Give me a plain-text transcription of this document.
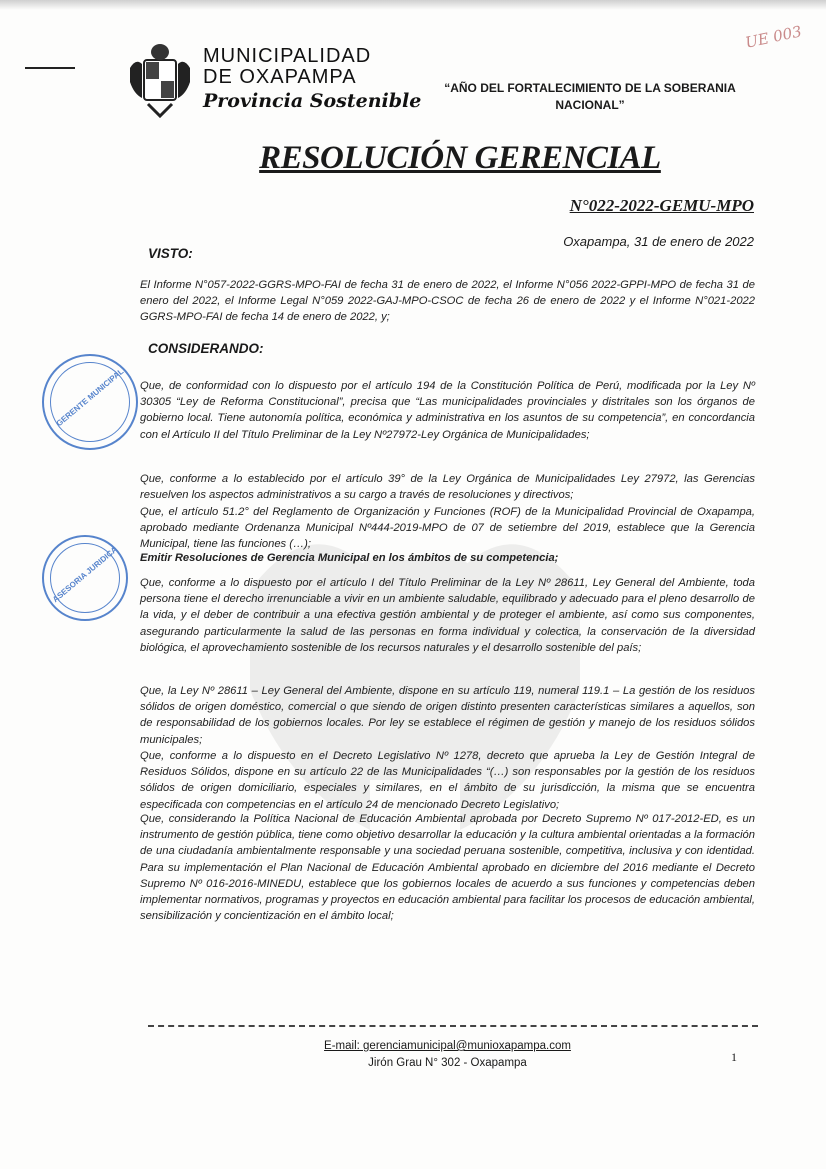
UE 003
MUNICIPALIDAD
DE OXAPAMPA
Provincia Sostenible
“AÑO DEL FORTALECIMIENTO DE LA SOBERANIA NACIONAL”
RESOLUCIÓN GERENCIAL
N°022-2022-GEMU-MPO
Oxapampa, 31 de enero de 2022
VISTO:
El Informe N°057-2022-GGRS-MPO-FAI de fecha 31 de enero de 2022, el Informe N°056 2022-GPPI-MPO de fecha 31 de enero del 2022, el Informe Legal N°059 2022-GAJ-MPO-CSOC de fecha 26 de enero de 2022 y el Informe N°021-2022 GGRS-MPO-FAI de fecha 14 de enero de 2022, y;
CONSIDERANDO:
Que, de conformidad con lo dispuesto por el artículo 194 de la Constitución Política de Perú, modificada por la Ley Nº 30305 “Ley de Reforma Constitucional”, precisa que “Las municipalidades provinciales y distritales son los órganos de gobierno local. Tiene autonomía política, económica y administrativa en los asuntos de su competencia”, en concordancia con el Artículo II del Título Preliminar de la Ley Nº27972-Ley Orgánica de Municipalidades;
Que, conforme a lo establecido por el artículo 39° de la Ley Orgánica de Municipalidades Ley 27972, las Gerencias resuelven los aspectos administrativos a su cargo a través de resoluciones y directivos;
Que, el artículo 51.2° del Reglamento de Organización y Funciones (ROF) de la Municipalidad Provincial de Oxapampa, aprobado mediante Ordenanza Municipal Nº444-2019-MPO de 07 de setiembre del 2019, establece que la Gerencia Municipal, tiene las funciones (…);
Emitir Resoluciones de Gerencia Municipal en los ámbitos de su competencia;
Que, conforme a lo dispuesto por el artículo I del Título Preliminar de la Ley Nº 28611, Ley General del Ambiente, toda persona tiene el derecho irrenunciable a vivir en un ambiente saludable, equilibrado y adecuado para el pleno desarrollo de la vida, y el deber de contribuir a una efectiva gestión ambiental y de proteger el ambiente, así como sus componentes, asegurando particularmente la salud de las personas en forma individual y colectica, la conservación de la diversidad biológica, el aprovechamiento sostenible de los recursos naturales y el desarrollo sostenible del país;
Que, la Ley Nº 28611 – Ley General del Ambiente, dispone en su artículo 119, numeral 119.1 – La gestión de los residuos sólidos de origen doméstico, comercial o que siendo de origen distinto presenten características similares a aquellos, son de responsabilidad de los gobiernos locales. Por ley se establece el régimen de gestión y manejo de los residuos sólidos municipales;
Que, conforme a lo dispuesto en el Decreto Legislativo Nº 1278, decreto que aprueba la Ley de Gestión Integral de Residuos Sólidos, dispone en su artículo 22 de las Municipalidades “(…) son responsables por la gestión de los residuos sólidos de origen domiciliario, especiales y similares, en el ámbito de su jurisdicción, la misma que se encuentra especificada con competencias en el artículo 24 de mencionado Decreto Legislativo;
Que, considerando la Política Nacional de Educación Ambiental aprobada por Decreto Supremo Nº 017-2012-ED, es un instrumento de gestión pública, tiene como objetivo desarrollar la educación y la cultura ambiental orientadas a la formación de una ciudadanía ambientalmente responsable y una sociedad peruana sostenible, competitiva, inclusiva y con identidad. Para su implementación el Plan Nacional de Educación Ambiental aprobado en diciembre del 2016 mediante el Decreto Supremo Nº 016-2016-MINEDU, establece que los gobiernos locales de acuerdo a sus funciones y competencias deben implementar normativos, programas y proyectos en educación ambiental para facilitar los procesos de educación ambiental, sensibilización y concientización en el ámbito local;
GERENTE MUNICIPAL
ASESORIA JURIDICA
E-mail: gerenciamunicipal@munioxapampa.com
Jirón Grau N° 302 - Oxapampa	1
